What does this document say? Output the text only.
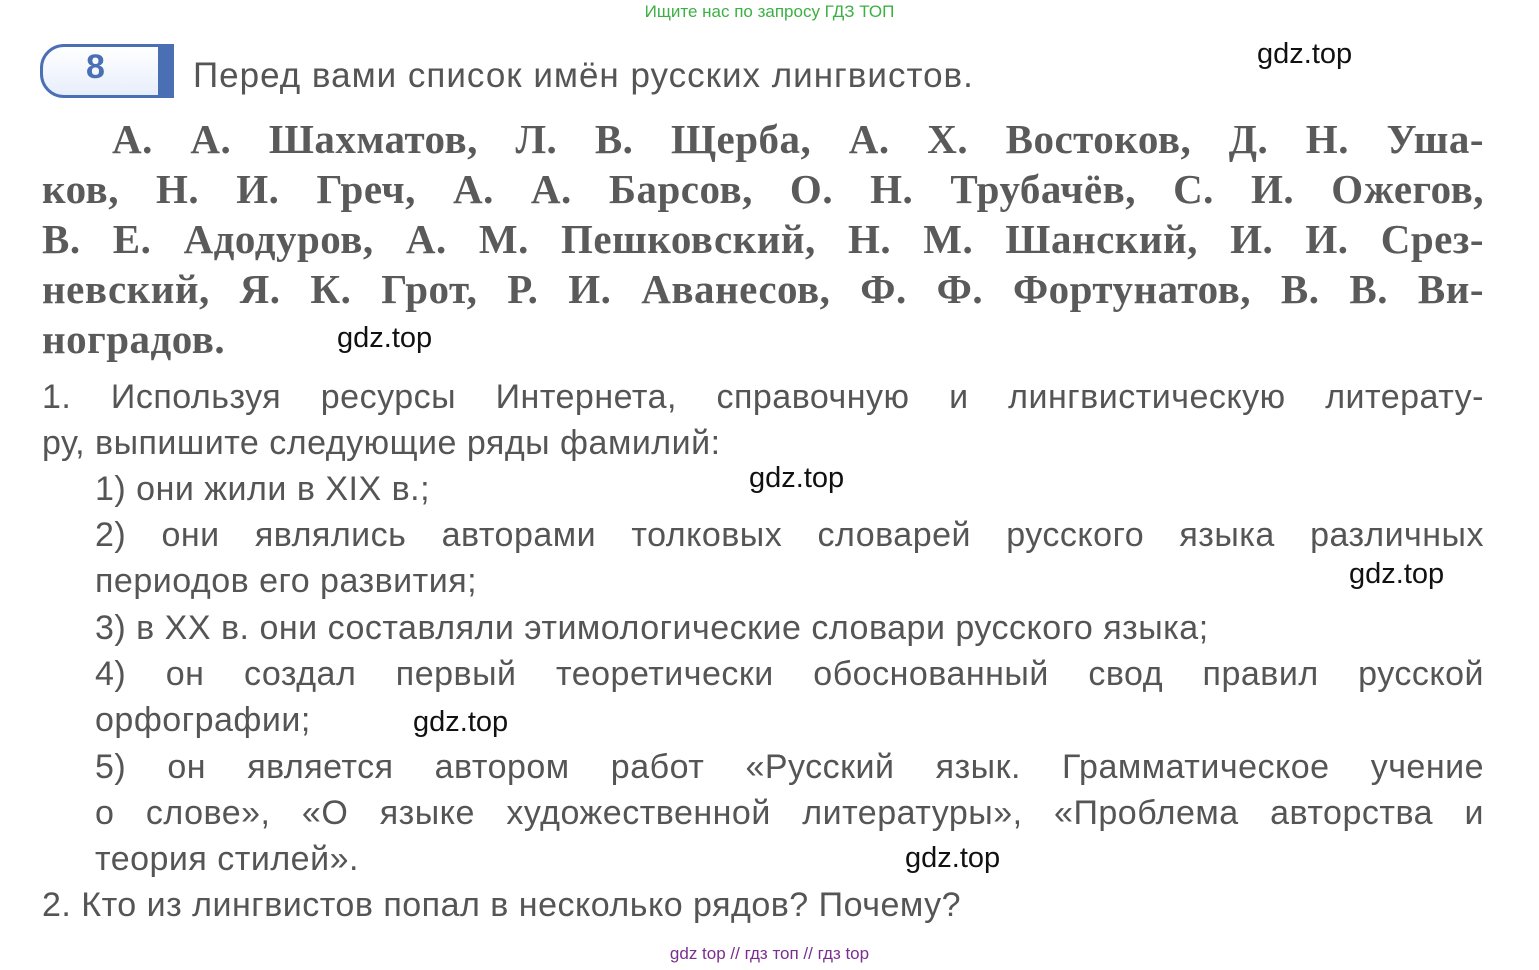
Ищите нас по запросу ГДЗ ТОП
8	Перед вами список имён русских лингвистов.
А. А. Шахматов, Л. В. Щерба, А. Х. Востоков, Д. Н. Уша-
ков, Н. И. Греч, А. А. Барсов, О. Н. Трубачёв, С. И. Ожегов,
В. Е. Адодуров, А. М. Пешковский, Н. М. Шанский, И. И. Срез-
невский, Я. К. Грот, Р. И. Аванесов, Ф. Ф. Фортунатов, В. В. Ви-
ноградов.
1. Используя ресурсы Интернета, справочную и лингвистическую литерату-
ру, выпишите следующие ряды фамилий:
1) они жили в XIX в.;
2) они являлись авторами толковых словарей русского языка различных
периодов его развития;
3) в XX в. они составляли этимологические словари русского языка;
4) он создал первый теоретически обоснованный свод правил русской
орфографии;
5) он является автором работ «Русский язык. Грамматическое учение
о слове», «О языке художественной литературы», «Проблема авторства и
теория стилей».
2. Кто из лингвистов попал в несколько рядов? Почему?
gdz.top
gdz.top
gdz.top
gdz.top
gdz.top
gdz.top
gdz top // гдз топ // гдз top
